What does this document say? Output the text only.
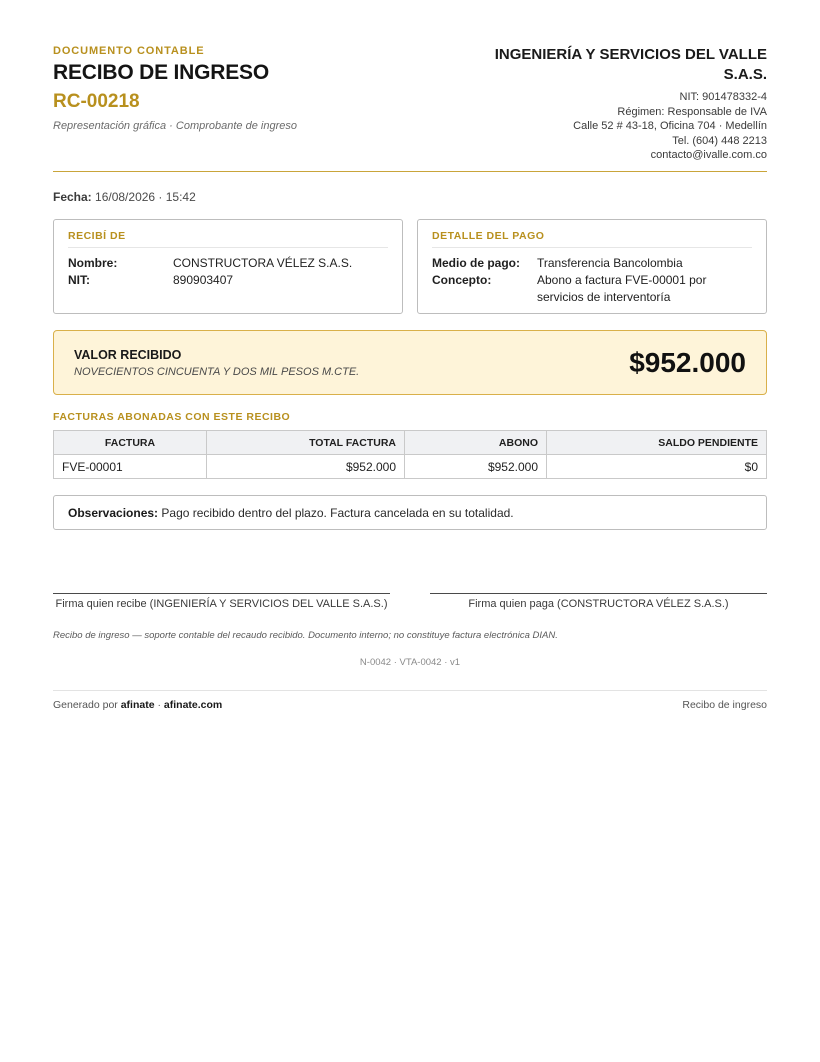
DOCUMENTO CONTABLE
RECIBO DE INGRESO
RC-00218
Representación gráfica · Comprobante de ingreso
INGENIERÍA Y SERVICIOS DEL VALLE S.A.S.
NIT: 901478332-4
Régimen: Responsable de IVA
Calle 52 # 43-18, Oficina 704 · Medellín
Tel. (604) 448 2213
contacto@ivalle.com.co
Fecha: 16/08/2026 · 15:42
RECIBÍ DE
Nombre:	CONSTRUCTORA VÉLEZ S.A.S.
NIT:	890903407
DETALLE DEL PAGO
Medio de pago:	Transferencia Bancolombia
Concepto:	Abono a factura FVE-00001 por servicios de interventoría
VALOR RECIBIDO
NOVECIENTOS CINCUENTA Y DOS MIL PESOS M.CTE.	$952.000
FACTURAS ABONADAS CON ESTE RECIBO
FACTURA	TOTAL FACTURA	ABONO	SALDO PENDIENTE
FVE-00001	$952.000	$952.000	$0
Observaciones: Pago recibido dentro del plazo. Factura cancelada en su totalidad.
Firma quien recibe (INGENIERÍA Y SERVICIOS DEL VALLE S.A.S.)	Firma quien paga (CONSTRUCTORA VÉLEZ S.A.S.)
Recibo de ingreso — soporte contable del recaudo recibido. Documento interno; no constituye factura electrónica DIAN.
N-0042 · VTA-0042 · v1
Generado por afinate · afinate.com	Recibo de ingreso
